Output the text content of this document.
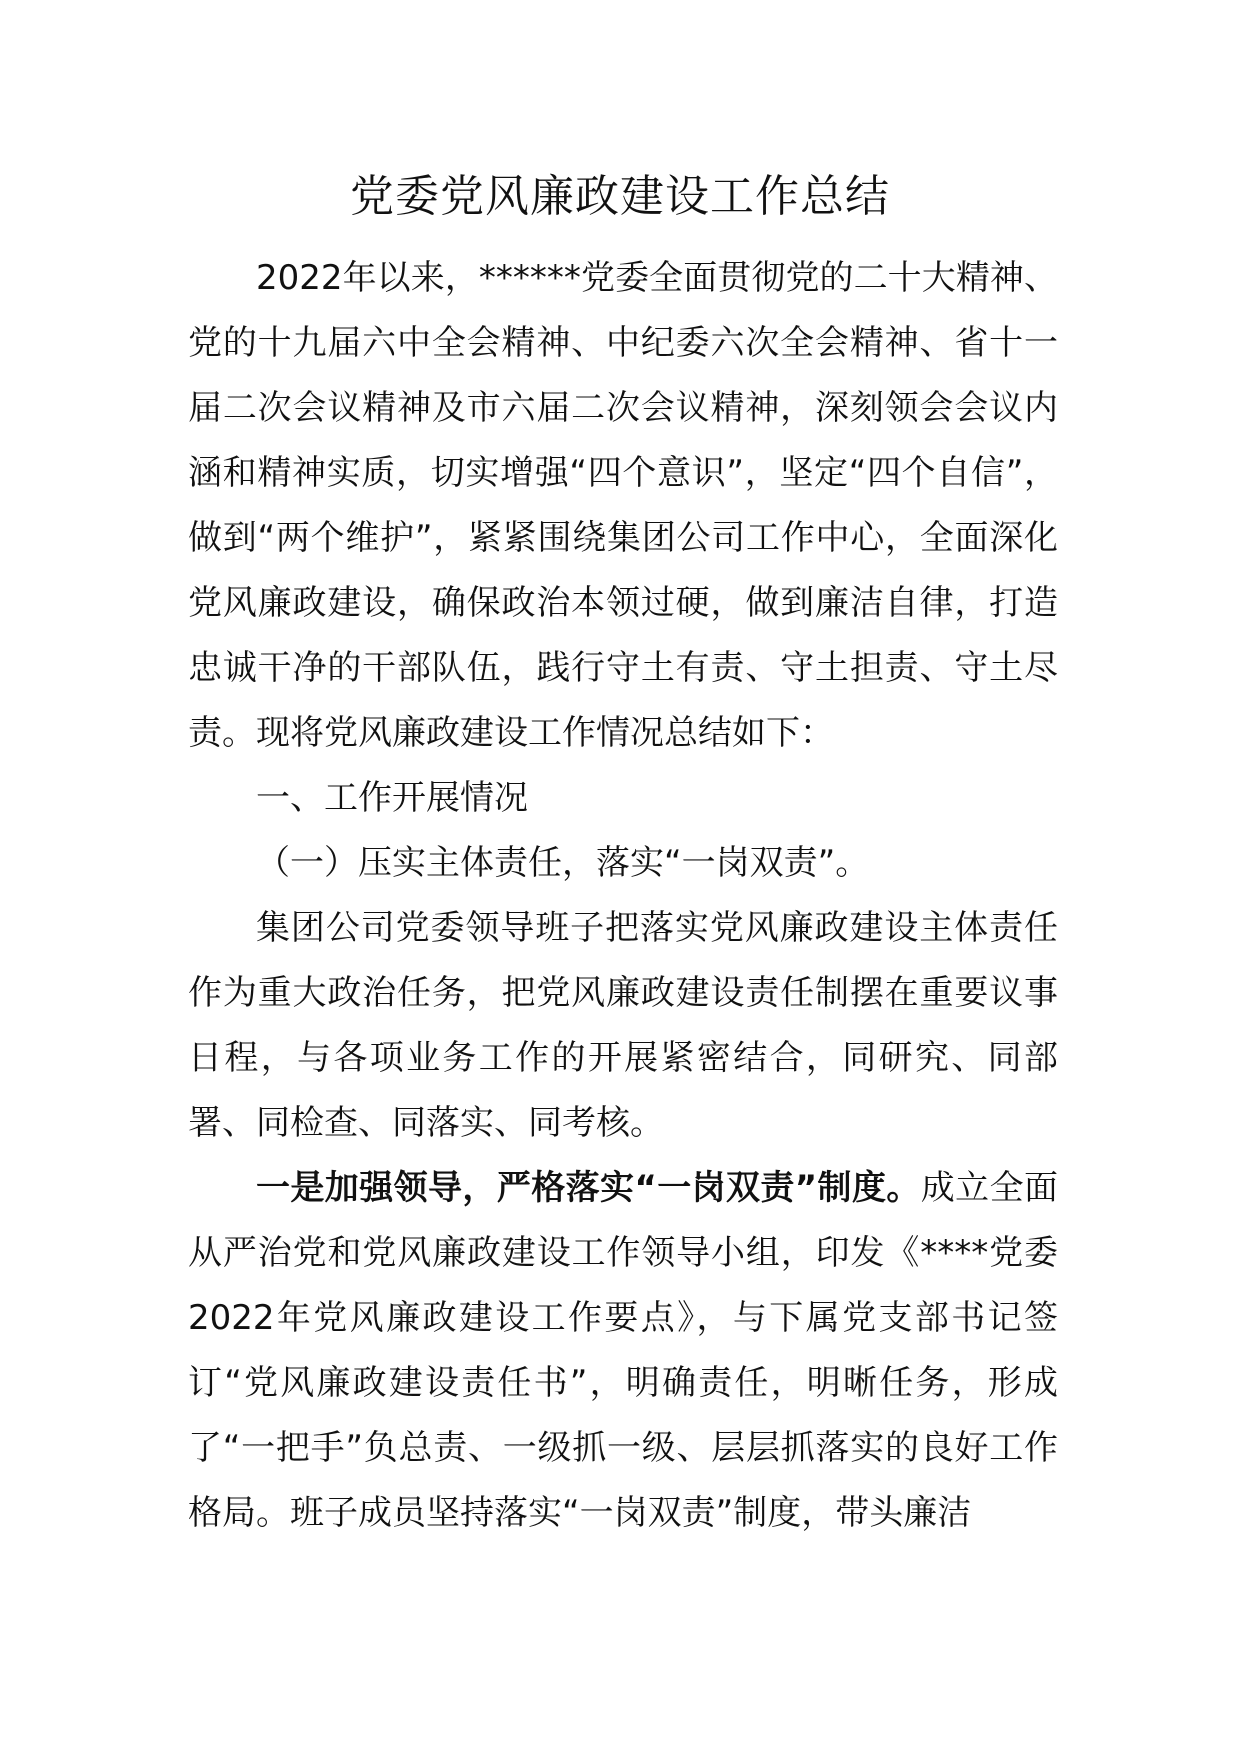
党委党风廉政建设工作总结

2022年以来，******党委全面贯彻党的二十大精神、党的十九届六中全会精神、中纪委六次全会精神、省十一届二次会议精神及市六届二次会议精神，深刻领会会议内涵和精神实质，切实增强“四个意识”，坚定“四个自信”，做到“两个维护”，紧紧围绕集团公司工作中心，全面深化党风廉政建设，确保政治本领过硬，做到廉洁自律，打造忠诚干净的干部队伍，践行守土有责、守土担责、守土尽责。现将党风廉政建设工作情况总结如下：

一、工作开展情况

（一）压实主体责任，落实“一岗双责”。

集团公司党委领导班子把落实党风廉政建设主体责任作为重大政治任务，把党风廉政建设责任制摆在重要议事日程，与各项业务工作的开展紧密结合，同研究、同部署、同检查、同落实、同考核。

一是加强领导，严格落实“一岗双责”制度。成立全面从严治党和党风廉政建设工作领导小组，印发《****党委2022年党风廉政建设工作要点》，与下属党支部书记签订“党风廉政建设责任书”，明确责任，明晰任务，形成了“一把手”负总责、一级抓一级、层层抓落实的良好工作格局。班子成员坚持落实“一岗双责”制度，带头廉洁
